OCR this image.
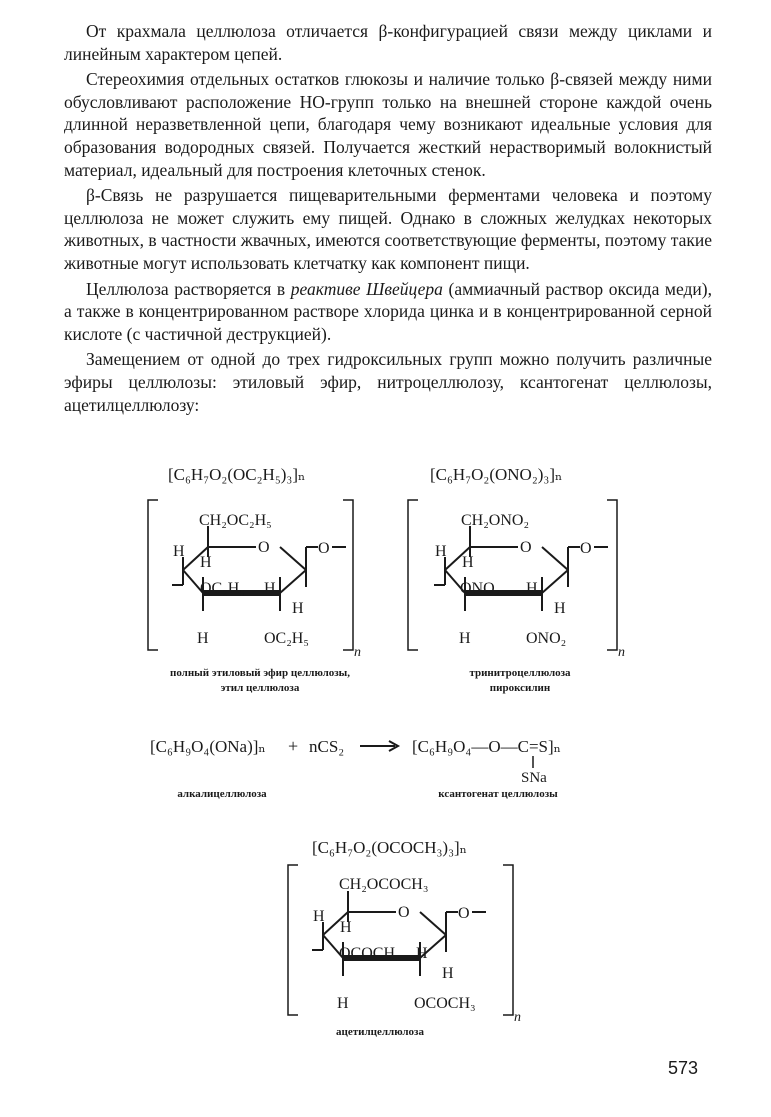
От крахмала целлюлоза отличается β-конфигурацией связи между циклами и линейным характером цепей.

Стереохимия отдельных остатков глюкозы и наличие только β-связей между ними обусловливают расположение НО-групп только на внешней стороне каждой очень длинной неразветвленной цепи, благодаря чему возникают идеальные условия для образования водородных связей. Получается жесткий нерастворимый волокнистый материал, идеальный для построения клеточных стенок.

β-Связь не разрушается пищеварительными ферментами человека и поэтому целлюлоза не может служить ему пищей. Однако в сложных желудках некоторых животных, в частности жвачных, имеются соответствующие ферменты, поэтому такие животные могут использовать клетчатку как компонент пищи.

Целлюлоза растворяется в реактиве Швейцера (аммиачный раствор оксида меди), а также в концентрированном растворе хлорида цинка и в концентрированной серной кислоте (с частичной деструкцией).

Замещением от одной до трех гидроксильных групп можно получить различные эфиры целлюлозы: этиловый эфир, нитроцеллюлозу, ксантогенат целлюлозы, ацетилцеллюлозу:

[C₆H₇O₂(OC₂H₅)₃]ₙ
CH₂OC₂H₅
H
H
O	O
OC₂H₅ H
H
H	OC₂H₅
n
полный этиловый эфир целлюлозы,
этил целлюлоза
[C₆H₇O₂(ONO₂)₃]ₙ
CH₂ONO₂
H
H
O	O
ONO₂ H
H
H	ONO₂
n
тринитроцеллюлоза
пироксилин
[C₆H₉O₄(ONa)]ₙ + nCS₂	[C₆H₉O₄—O—C=S]ₙ
SNa
алкалицеллюлоза	ксантогенат целлюлозы
[C₆H₇O₂(OCOCH₃)₃]ₙ
CH₂OCOCH₃
H
H
O	O
OCOCH₃ H
H
H	OCOCH₃
n
ацетилцеллюлоза
573
